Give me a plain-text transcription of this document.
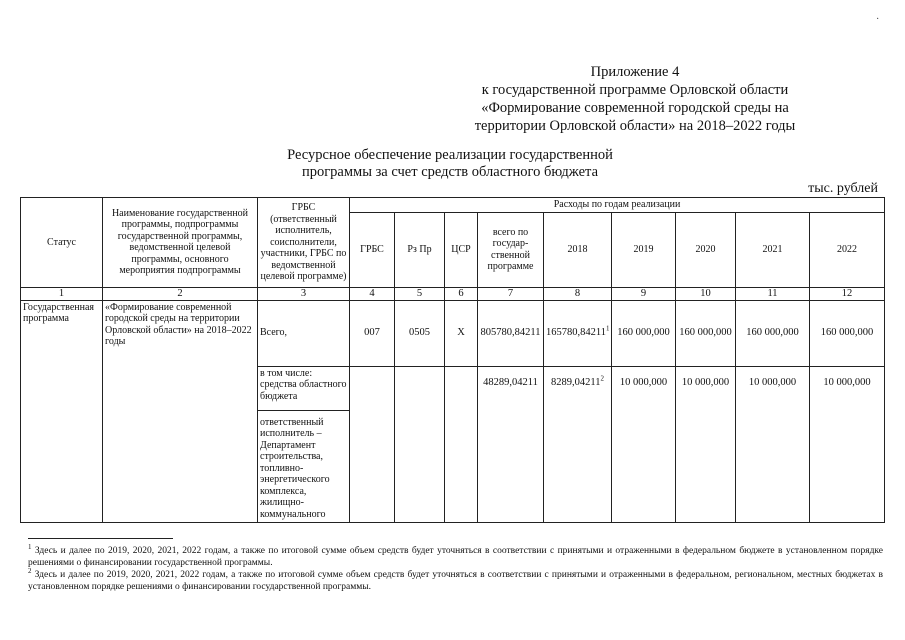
·
Приложение 4
к государственной программе Орловской области
«Формирование современной городской среды на
территории Орловской области» на 2018–2022 годы
Ресурсное обеспечение реализации государственной
программы за счет средств областного бюджета
тыс. рублей
Статус	Наименование государственной программы, подпрограммы государственной программы, ведомственной целевой программы, основного мероприятия подпрограммы	ГРБС (ответственный исполнитель, соисполнители, участники, ГРБС по ведомственной целевой программе)	Расходы по годам реализации								
			ГРБС	Рз Пр	ЦСР	всего по государ-ственной программе	2018	2019	2020	2021	2022
1	2	3	4	5	6	7	8	9	10	11	12
Государственная программа	«Формирование современной городской среды на территории Орловской области» на 2018–2022 годы	Всего,	007	0505	Х	805780,84211	165780,84211$^1$	160 000,000	160 000,000	160 000,000	160 000,000
		в том числе: средства областного бюджета				48289,04211	8289,04211$^2$	10 000,000	10 000,000	10 000,000	10 000,000
		ответственный исполнитель – Департамент строительства, топливно-энергетического комплекса, жилищно-коммунального									
$^1$ Здесь и далее по 2019, 2020, 2021, 2022 годам, а также по итоговой сумме объем средств будет уточняться в соответствии с принятыми и отраженными в федеральном бюджете в установленном порядке решениями о финансировании государственной программы.
$^2$ Здесь и далее по 2019, 2020, 2021, 2022 годам, а также по итоговой сумме объем средств будет уточняться в соответствии с принятыми и отраженными в федеральном, региональном, местных бюджетах в установленном порядке решениями о финансировании государственной программы.
